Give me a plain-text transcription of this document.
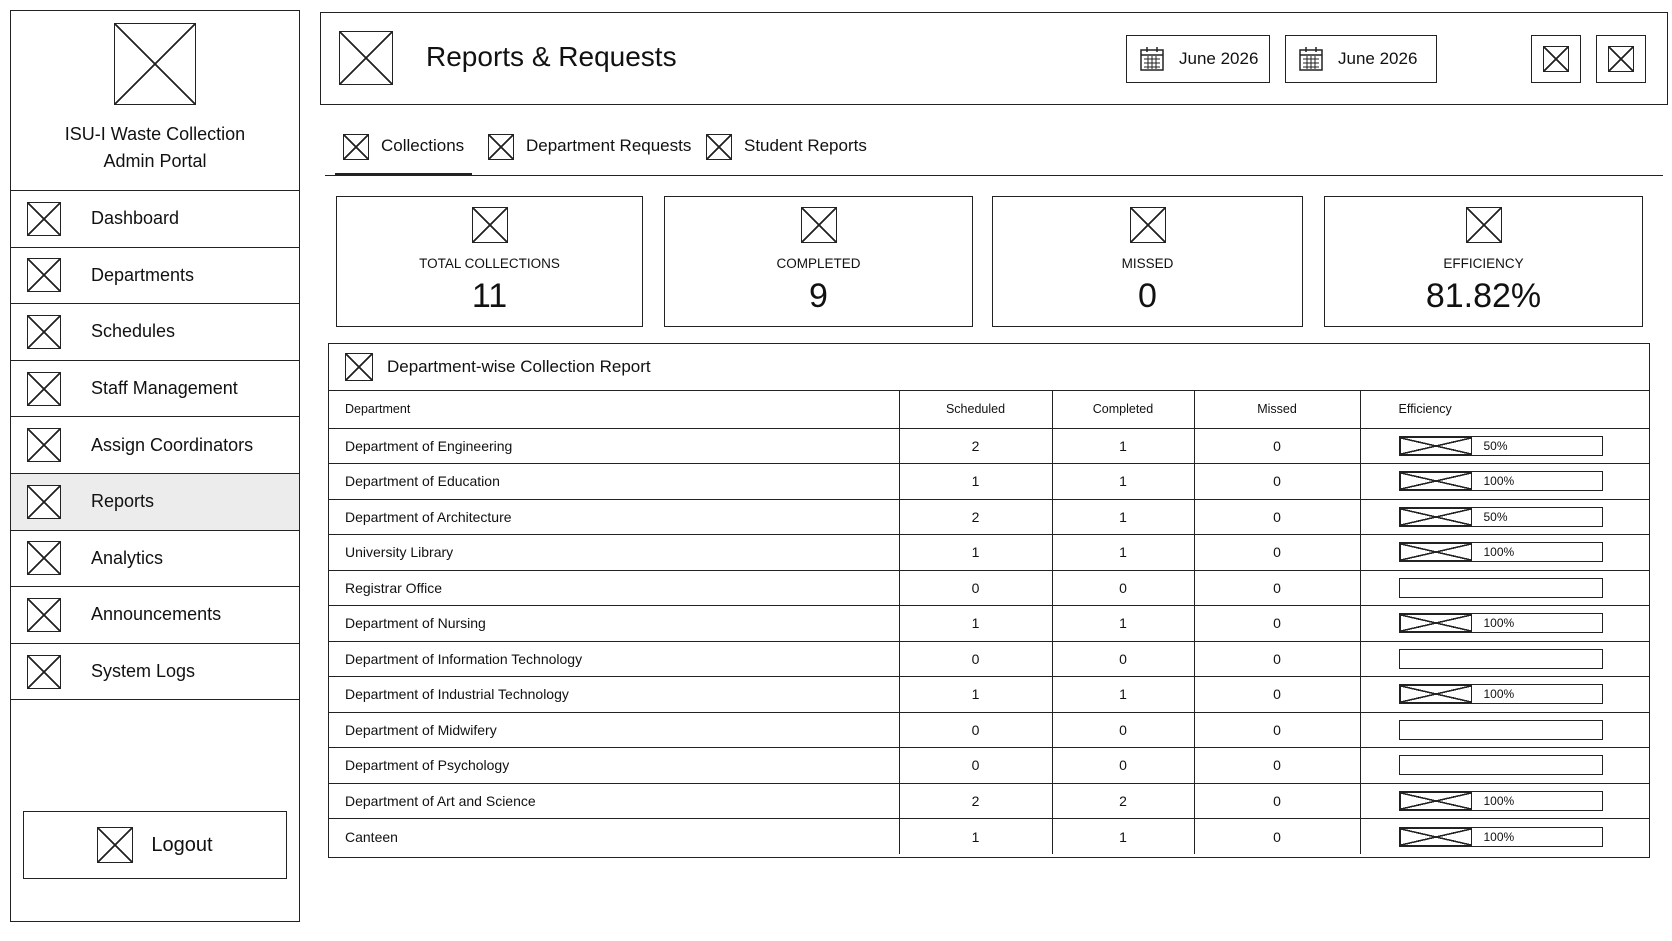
ISU-I Waste Collection
Admin Portal
Dashboard
Departments
Schedules
Staff Management
Assign Coordinators
Reports
Analytics
Announcements
System Logs
Logout
Reports & Requests	June 2026	June 2026
Collections	Department Requests	Student Reports
TOTAL COLLECTIONS
11
COMPLETED
9
MISSED
0
EFFICIENCY
81.82%
Department-wise Collection Report
Department	Scheduled	Completed	Missed	Efficiency
Department of Engineering	2	1	0	50%

Department of Education	1	1	0	100%

Department of Architecture	2	1	0	50%

University Library	1	1	0	100%

Registrar Office	0	0	0	

Department of Nursing	1	1	0	100%

Department of Information Technology	0	0	0	

Department of Industrial Technology	1	1	0	100%

Department of Midwifery	0	0	0	

Department of Psychology	0	0	0	

Department of Art and Science	2	2	0	100%

Canteen	1	1	0	100%
